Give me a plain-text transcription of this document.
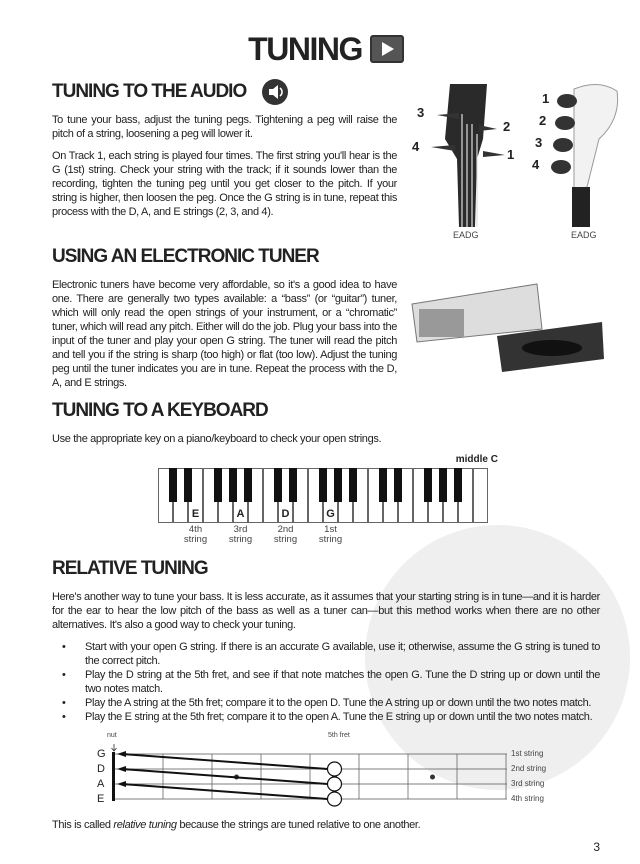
TUNING
TUNING TO THE AUDIO

To tune your bass, adjust the tuning pegs. Tightening a peg will raise the pitch of a string, loosening a peg will lower it.

On Track 1, each string is played four times. The first string you'll hear is the G (1st) string. Check your string with the track; if it sounds lower than the recording, tighten the tuning peg until you get closer to the pitch. If your string is higher, then loosen the peg. Once the G string is in tune, repeat this process with the D, A, and E strings (2, 3, and 4).

3
2
4
1
EADG
1
2
3
4
EADG
USING AN ELECTRONIC TUNER

Electronic tuners have become very affordable, so it's a good idea to have one. There are generally two types available: a “bass” (or “guitar”) tuner, which will only read the open strings of your instrument, or a “chromatic” tuner, which will read any pitch. Either will do the job. Plug your bass into the input of the tuner and play your open G string. The tuner will read the pitch and tell you if the string is sharp (too high) or flat (too low). Adjust the tuning peg until the tuner indicates you are in tune. Repeat the process with the D, A, and E strings.

TUNING TO A KEYBOARD

Use the appropriate key on a piano/keyboard to check your open strings.

middle C
E	A	D	G
4th string
3rd string
2nd string
1st string
RELATIVE TUNING

Here's another way to tune your bass. It is less accurate, as it assumes that your starting string is in tune—and it is harder for the ear to hear the low pitch of the bass as well as a tuner can—but this method works when there are no other alternatives. It's also a good way to check your tuning.

• Start with your open G string. If there is an accurate G available, use it; otherwise, assume the G string is tuned to the correct pitch.
• Play the D string at the 5th fret, and see if that note matches the open G. Tune the D string up or down until the two notes match.
• Play the A string at the 5th fret; compare it to the open D. Tune the A string up or down until the two notes match.
• Play the E string at the 5th fret; compare it to the open A. Tune the E string up or down until the two notes match.
nut	5th fret
G
D
A
E
1st string
2nd string
3rd string
4th string

This is called relative tuning because the strings are tuned relative to one another.

3
